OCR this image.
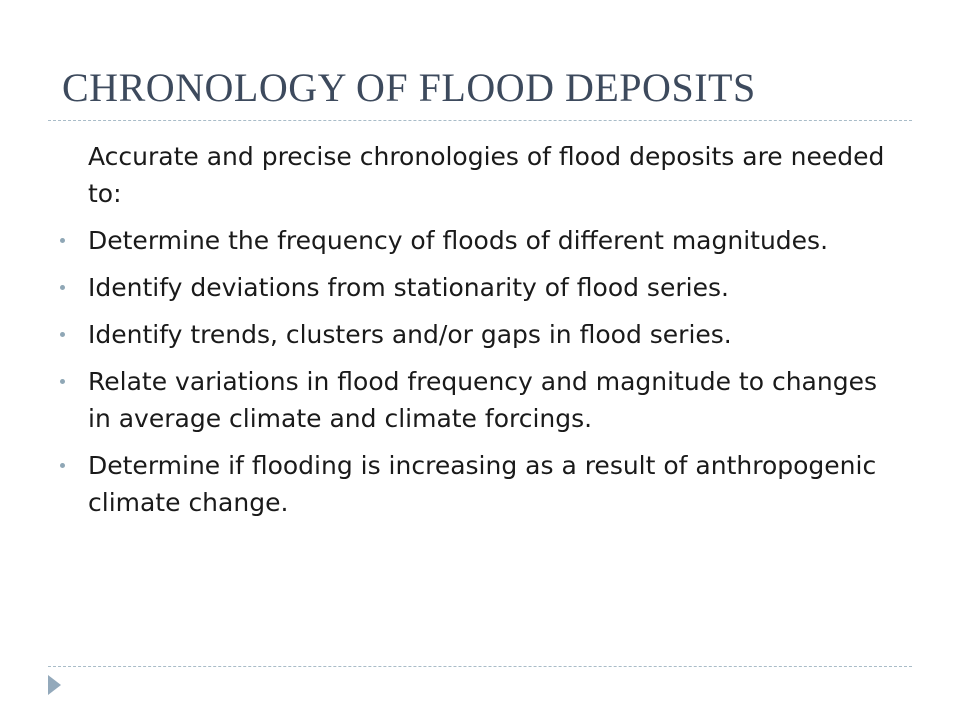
CHRONOLOGY OF FLOOD DEPOSITS

Accurate and precise chronologies of flood deposits are needed to:

Determine the frequency of floods of different magnitudes.
Identify deviations from stationarity of flood series.
Identify trends, clusters and/or gaps in flood series.
Relate variations in flood frequency and magnitude to changes in average climate and climate forcings.
Determine if flooding is increasing as a result of anthropogenic climate change.
